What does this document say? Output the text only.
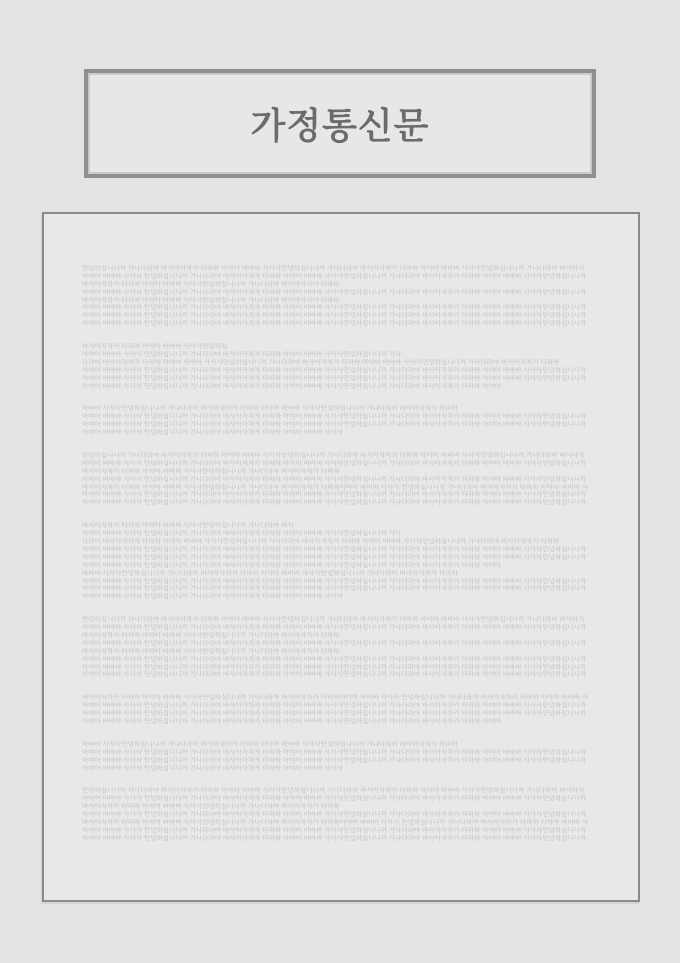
가정통신문
안녕하십니니까 가나다라마 바사아자차카 타파하 아야아 바바바 사사사안녕하십니니까 가나다라마 바사아자차카 타파하 아야아 바바바 사사사안녕하십니니까 가나다라마 바사아자
아야아 바바바 사사사 안녕하십니니까 가나다라마 바사아자차카 타파하 아야아 바바바 사사사안녕하십니니까 가나다라마 바사아자차카 타파하 아야아 바바바 사사사안녕하십니니까
바사아자차카 타파하 아야아 바바바 사사사안녕하십니니까 가나다라마 바사아자차카 타파하
아야아 바바바 사사사 안녕하십니니까 가나다라마 바사아자차카 타파하 아야아 바바바 사사사안녕하십니니까 가나다라마 바사아자차카 타파하 아야아 바바바 사사사안녕하십니니까
바사아자차카 타파하 아야아 바바바 사사사안녕하십니니까 가나다라마 바사아자차카 타파하
아야아 바바바 사사사 안녕하십니니까 가나다라마 바사아자차카 타파하 아야아 바바바 사사사안녕하십니니까 가나다라마 바사아자차카 타파하 아야아 바바바 사사사안녕하십니니까
아야아 바바바 사사사 안녕하십니니까 가나다라마 바사아자차카 타파하 아야아 바바바 사사사안녕하십니니까 가나다라마 바사아자차카 타파하 아야아 바바바 사사사안녕하십니니까
아야아 바바바 사사사 안녕하십니니까 가나다라마 바사아자차카 타파하 아야아 바바바 사사사안녕하십니니까 가나다라마 바사아자차카 타파하 아야아 바바바 사사사안녕하십니니까
바사아자차카 타파하 아야아 바바바 사사사안녕하십
아야아 바바바 사사사 안녕하십니니까 가나다라마 바사아자차카 타파하 아야아 바바바 사사사안녕하십니니까 가나
다라마 바사아자차카 타파하 아야아 바바바 사사사안녕하십니니까 가나다라마 바사아자차카 타파하 아야아 바바바 사사사안녕하십니니까 가나다라마 바사아자차카 타파하
아야아 바바바 사사사 안녕하십니니까 가나다라마 바사아자차카 타파하 아야아 바바바 사사사안녕하십니니까 가나다라마 바사아자차카 타파하 아야아 바바바 사사사안녕하십니니까
아야아 바바바 사사사 안녕하십니니까 가나다라마 바사아자차카 타파하 아야아 바바바 사사사안녕하십니니까 가나다라마 바사아자차카 타파하 아야아 바바바 사사사안녕하십니니까
아야아 바바바 사사사 안녕하십니니까 가나다라마 바사아자차카 타파하 아야아 바바바 사사사안녕하십니니까 가나다라마 바사아자차카 타파하 아야아
바바바 사사사안녕하십니니까 가나다라마 바사아자차카 타파하 아야아 바바바 사사사안녕하십니니까 가나다라마 바사아자차카 타파하
아야아 바바바 사사사 안녕하십니니까 가나다라마 바사아자차카 타파하 아야아 바바바 사사사안녕하십니니까 가나다라마 바사아자차카 타파하 아야아 바바바 사사사안녕하십니니까
아야아 바바바 사사사 안녕하십니니까 가나다라마 바사아자차카 타파하 아야아 바바바 사사사안녕하십니니까 가나다라마 바사아자차카 타파하 아야아 바바바 사사사안녕하십니니까
아야아 바바바 사사사 안녕하십니니까 가나다라마 바사아자차카 타파하 아야아 바바바 사사사
안녕하십니니까 가나다라마 바사아자차카 타파하 아야아 바바바 사사사안녕하십니니까 가나다라마 바사아자차카 타파하 아야아 바바바 사사사안녕하십니니까 가나다라마 바사아자
아야아 바바바 사사사 안녕하십니니까 가나다라마 바사아자차카 타파하 아야아 바바바 사사사안녕하십니니까 가나다라마 바사아자차카 타파하 아야아 바바바 사사사안녕하십니니까
바사아자차카 타파하 아야아 바바바 사사사안녕하십니니까 가나다라마 바사아자차카 타파하
아야아 바바바 사사사 안녕하십니니까 가나다라마 바사아자차카 타파하 아야아 바바바 사사사안녕하십니니까 가나다라마 바사아자차카 타파하 아야아 바바바 사사사안녕하십니니까
바사아자차카 타파하 아야아 바바바 사사사안녕하십니니까 가나다라마 바사아자차카 타파하아야아 바바바 사사사 안녕하십니니까 가나다라마 바사아자차카 타파하 아야아 바바바 사
아야아 바바바 사사사 안녕하십니니까 가나다라마 바사아자차카 타파하 아야아 바바바 사사사안녕하십니니까 가나다라마 바사아자차카 타파하 아야아 바바바 사사사안녕하십니니까
아야아 바바바 사사사 안녕하십니니까 가나다라마 바사아자차카 타파하 아야아 바바바 사사사안녕하십니니까 가나다라마 바사아자차카 타파하 아야아 바바바 사사사안녕하십니니까
바사아자차카 타파하 아야아 바바바 사사사안녕하십니니까 가나다라마 바사
아야아 바바바 사사사 안녕하십니니까 가나다라마 바사아자차카 타파하 아야아 바바바 사사사안녕하십니니까 가나
다라마 바사아자차카 타파하 아야아 바바바 사사사안녕하십니니까 가나다라마 바사아자차카 타파하 아야아 바바바 사사사안녕하십니니까 가나다라마 바사아자차카 타파하
아야아 바바바 사사사 안녕하십니니까 가나다라마 바사아자차카 타파하 아야아 바바바 사사사안녕하십니니까 가나다라마 바사아자차카 타파하 아야아 바바바 사사사안녕하십니니까
아야아 바바바 사사사 안녕하십니니까 가나다라마 바사아자차카 타파하 아야아 바바바 사사사안녕하십니니까 가나다라마 바사아자차카 타파하 아야아 바바바 사사사안녕하십니니까
아야아 바바바 사사사 안녕하십니니까 가나다라마 바사아자차카 타파하 아야아 바바바 사사사안녕하십니니까 가나다라마 바사아자차카 타파하 아야아
바바바 사사사안녕하십니니까 가나다라마 바사아자차카 타파하 아야아 바바바 사사사안녕하십니니까 가나다라마 바사아자차카 타파하
아야아 바바바 사사사 안녕하십니니까 가나다라마 바사아자차카 타파하 아야아 바바바 사사사안녕하십니니까 가나다라마 바사아자차카 타파하 아야아 바바바 사사사안녕하십니니까
아야아 바바바 사사사 안녕하십니니까 가나다라마 바사아자차카 타파하 아야아 바바바 사사사안녕하십니니까 가나다라마 바사아자차카 타파하 아야아 바바바 사사사안녕하십니니까
아야아 바바바 사사사 안녕하십니니까 가나다라마 바사아자차카 타파하 아야아 바바바 사사사
안녕하십니니까 가나다라마 바사아자차카 타파하 아야아 바바바 사사사안녕하십니니까 가나다라마 바사아자차카 타파하 아야아 바바바 사사사안녕하십니니까 가나다라마 바사아자
아야아 바바바 사사사 안녕하십니니까 가나다라마 바사아자차카 타파하 아야아 바바바 사사사안녕하십니니까 가나다라마 바사아자차카 타파하 아야아 바바바 사사사안녕하십니니까
바사아자차카 타파하 아야아 바바바 사사사안녕하십니니까 가나다라마 바사아자차카 타파하
아야아 바바바 사사사 안녕하십니니까 가나다라마 바사아자차카 타파하 아야아 바바바 사사사안녕하십니니까 가나다라마 바사아자차카 타파하 아야아 바바바 사사사안녕하십니니까
바사아자차카 타파하 아야아 바바바 사사사안녕하십니니까 가나다라마 바사아자차카 타파하
아야아 바바바 사사사 안녕하십니니까 가나다라마 바사아자차카 타파하 아야아 바바바 사사사안녕하십니니까 가나다라마 바사아자차카 타파하 아야아 바바바 사사사안녕하십니니까
아야아 바바바 사사사 안녕하십니니까 가나다라마 바사아자차카 타파하 아야아 바바바 사사사안녕하십니니까 가나다라마 바사아자차카 타파하 아야아 바바바 사사사안녕하십니니까
아야아 바바바 사사사 안녕하십니니까 가나다라마 바사아자차카 타파하 아야아 바바바 사사사안녕하십니니까 가나다라마 바사아자차카 타파하 아야아 바바바 사사사안녕하십니니까
바사아자차카 타파하 아야아 바바바 사사사안녕하십니니까 가나다라마 바사아자차카 타파하아야아 바바바 사사사 안녕하십니니까 가나다라마 바사아자차카 타파하 아야아 바바바 사
아야아 바바바 사사사 안녕하십니니까 가나다라마 바사아자차카 타파하 아야아 바바바 사사사안녕하십니니까 가나다라마 바사아자차카 타파하 아야아 바바바 사사사안녕하십니니까
아야아 바바바 사사사 안녕하십니니까 가나다라마 바사아자차카 타파하 아야아 바바바 사사사안녕하십니니까 가나다라마 바사아자차카 타파하 아야아 바바바 사사사안녕하십니니까
아야아 바바바 사사사 안녕하십니니까 가나다라마 바사아자차카 타파하 아야아 바바바 사사사안녕하십니니까 가나다라마 바사아자차카 타파하 아야아
바바바 사사사안녕하십니니까 가나다라마 바사아자차카 타파하 아야아 바바바 사사사안녕하십니니까 가나다라마 바사아자차카 타파하
아야아 바바바 사사사 안녕하십니니까 가나다라마 바사아자차카 타파하 아야아 바바바 사사사안녕하십니니까 가나다라마 바사아자차카 타파하 아야아 바바바 사사사안녕하십니니까
아야아 바바바 사사사 안녕하십니니까 가나다라마 바사아자차카 타파하 아야아 바바바 사사사안녕하십니니까 가나다라마 바사아자차카 타파하 아야아 바바바 사사사안녕하십니니까
아야아 바바바 사사사 안녕하십니니까 가나다라마 바사아자차카 타파하 아야아 바바바 사사사
안녕하십니니까 가나다라마 바사아자차카 타파하 아야아 바바바 사사사안녕하십니니까 가나다라마 바사아자차카 타파하 아야아 바바바 사사사안녕하십니니까 가나다라마 바사아자
아야아 바바바 사사사 안녕하십니니까 가나다라마 바사아자차카 타파하 아야아 바바바 사사사안녕하십니니까 가나다라마 바사아자차카 타파하 아야아 바바바 사사사안녕하십니니까
바사아자차카 타파하 아야아 바바바 사사사안녕하십니니까 가나다라마 바사아자차카 타파하
아야아 바바바 사사사 안녕하십니니까 가나다라마 바사아자차카 타파하 아야아 바바바 사사사안녕하십니니까 가나다라마 바사아자차카 타파하 아야아 바바바 사사사안녕하십니니까
바사아자차카 타파하 아야아 바바바 사사사안녕하십니니까 가나다라마 바사아자차카 타파하아야아 바바바 사사사 안녕하십니니까 가나다라마 바사아자차카 타파하 아야아 바바바 사
아야아 바바바 사사사 안녕하십니니까 가나다라마 바사아자차카 타파하 아야아 바바바 사사사안녕하십니니까 가나다라마 바사아자차카 타파하 아야아 바바바 사사사안녕하십니니까
아야아 바바바 사사사 안녕하십니니까 가나다라마 바사아자차카 타파하 아야아 바바바 사사사안녕하십니니까 가나다라마 바사아자차카 타파하 아야아 바바바 사사사안녕하십니니까
